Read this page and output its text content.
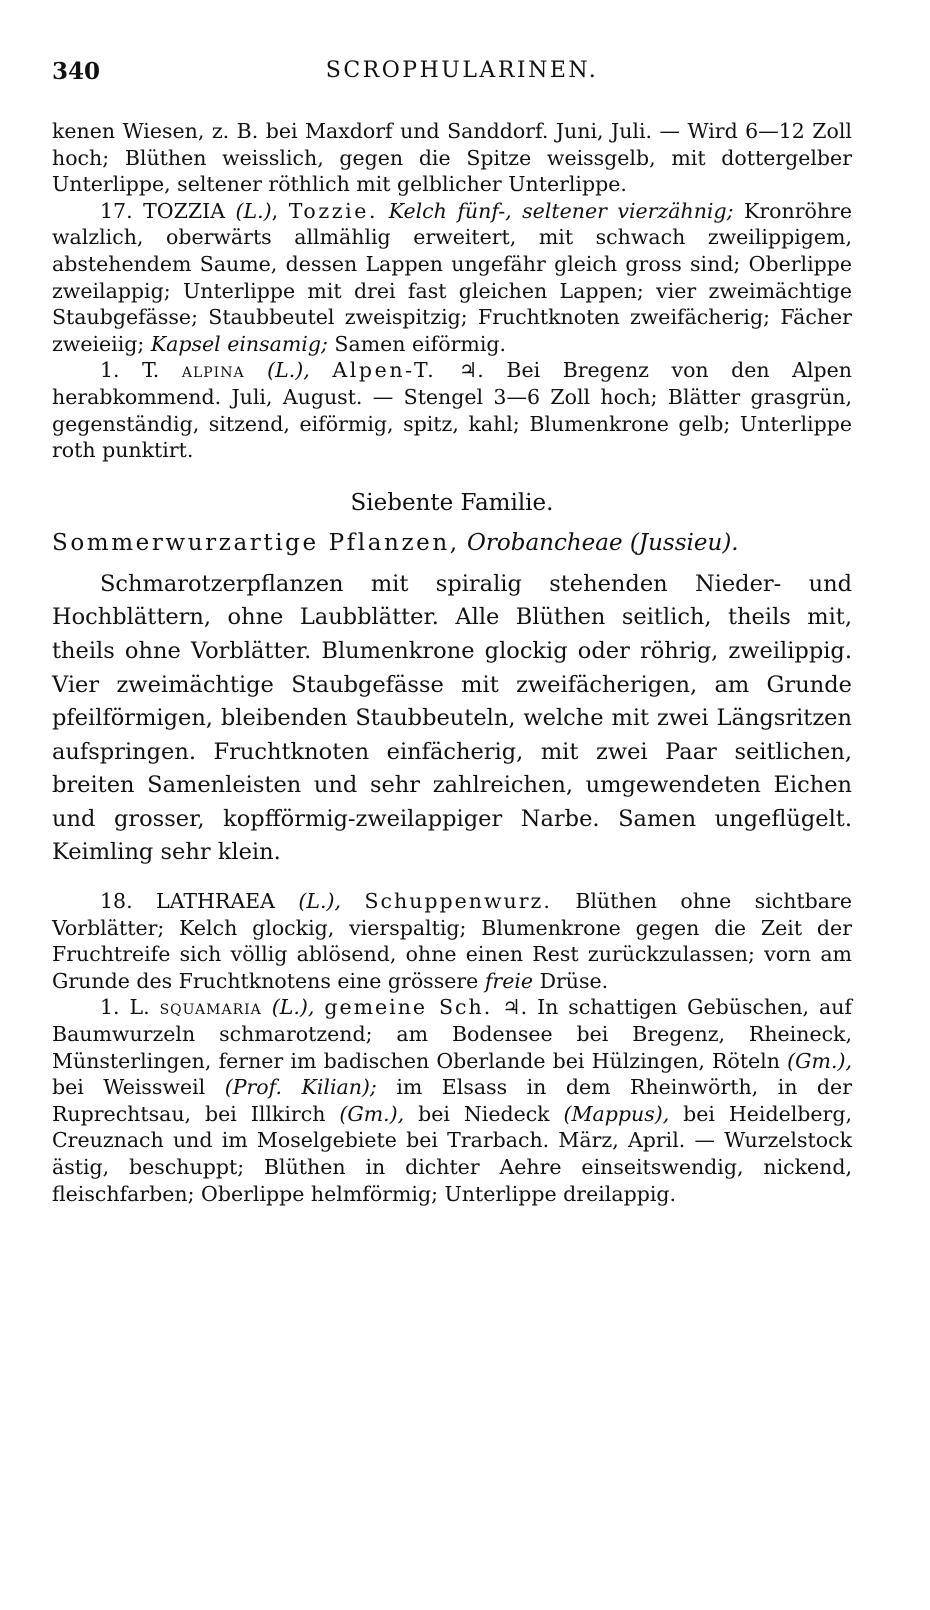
340	SCROPHULARINEN.

kenen Wiesen, z. B. bei Maxdorf und Sanddorf. Juni, Juli. — Wird 6—12 Zoll hoch; Blüthen weisslich, gegen die Spitze weissgelb, mit dottergelber Unterlippe, seltener röthlich mit gelblicher Unterlippe.

17. TOZZIA (L.), Tozzie. Kelch fünf-, seltener vierzähnig; Kronröhre walzlich, oberwärts allmählig erweitert, mit schwach zweilippigem, abstehendem Saume, dessen Lappen ungefähr gleich gross sind; Oberlippe zweilappig; Unterlippe mit drei fast gleichen Lappen; vier zweimächtige Staubgefässe; Staubbeutel zweispitzig; Fruchtknoten zweifächerig; Fächer zweieiig; Kapsel einsamig; Samen eiförmig.

1. T. alpina (L.), Alpen-T. ♃. Bei Bregenz von den Alpen herabkommend. Juli, August. — Stengel 3—6 Zoll hoch; Blätter grasgrün, gegenständig, sitzend, eiförmig, spitz, kahl; Blumenkrone gelb; Unterlippe roth punktirt.

Siebente Familie.
Sommerwurzartige Pflanzen, Orobancheae (Jussieu).

Schmarotzerpflanzen mit spiralig stehenden Nieder- und Hochblättern, ohne Laubblätter. Alle Blüthen seitlich, theils mit, theils ohne Vorblätter. Blumenkrone glockig oder röhrig, zweilippig. Vier zweimächtige Staubgefässe mit zweifächerigen, am Grunde pfeilförmigen, bleibenden Staubbeuteln, welche mit zwei Längsritzen aufspringen. Fruchtknoten einfächerig, mit zwei Paar seitlichen, breiten Samenleisten und sehr zahlreichen, umgewendeten Eichen und grosser, kopfförmig-zweilappiger Narbe. Samen ungeflügelt. Keimling sehr klein.

18. LATHRAEA (L.), Schuppenwurz. Blüthen ohne sichtbare Vorblätter; Kelch glockig, vierspaltig; Blumenkrone gegen die Zeit der Fruchtreife sich völlig ablösend, ohne einen Rest zurückzulassen; vorn am Grunde des Fruchtknotens eine grössere freie Drüse.

1. L. squamaria (L.), gemeine Sch. ♃. In schattigen Gebüschen, auf Baumwurzeln schmarotzend; am Bodensee bei Bregenz, Rheineck, Münsterlingen, ferner im badischen Oberlande bei Hülzingen, Röteln (Gm.), bei Weissweil (Prof. Kilian); im Elsass in dem Rheinwörth, in der Ruprechtsau, bei Illkirch (Gm.), bei Niedeck (Mappus), bei Heidelberg, Creuznach und im Moselgebiete bei Trarbach. März, April. — Wurzelstock ästig, beschuppt; Blüthen in dichter Aehre einseitswendig, nickend, fleischfarben; Oberlippe helmförmig; Unterlippe dreilappig.
